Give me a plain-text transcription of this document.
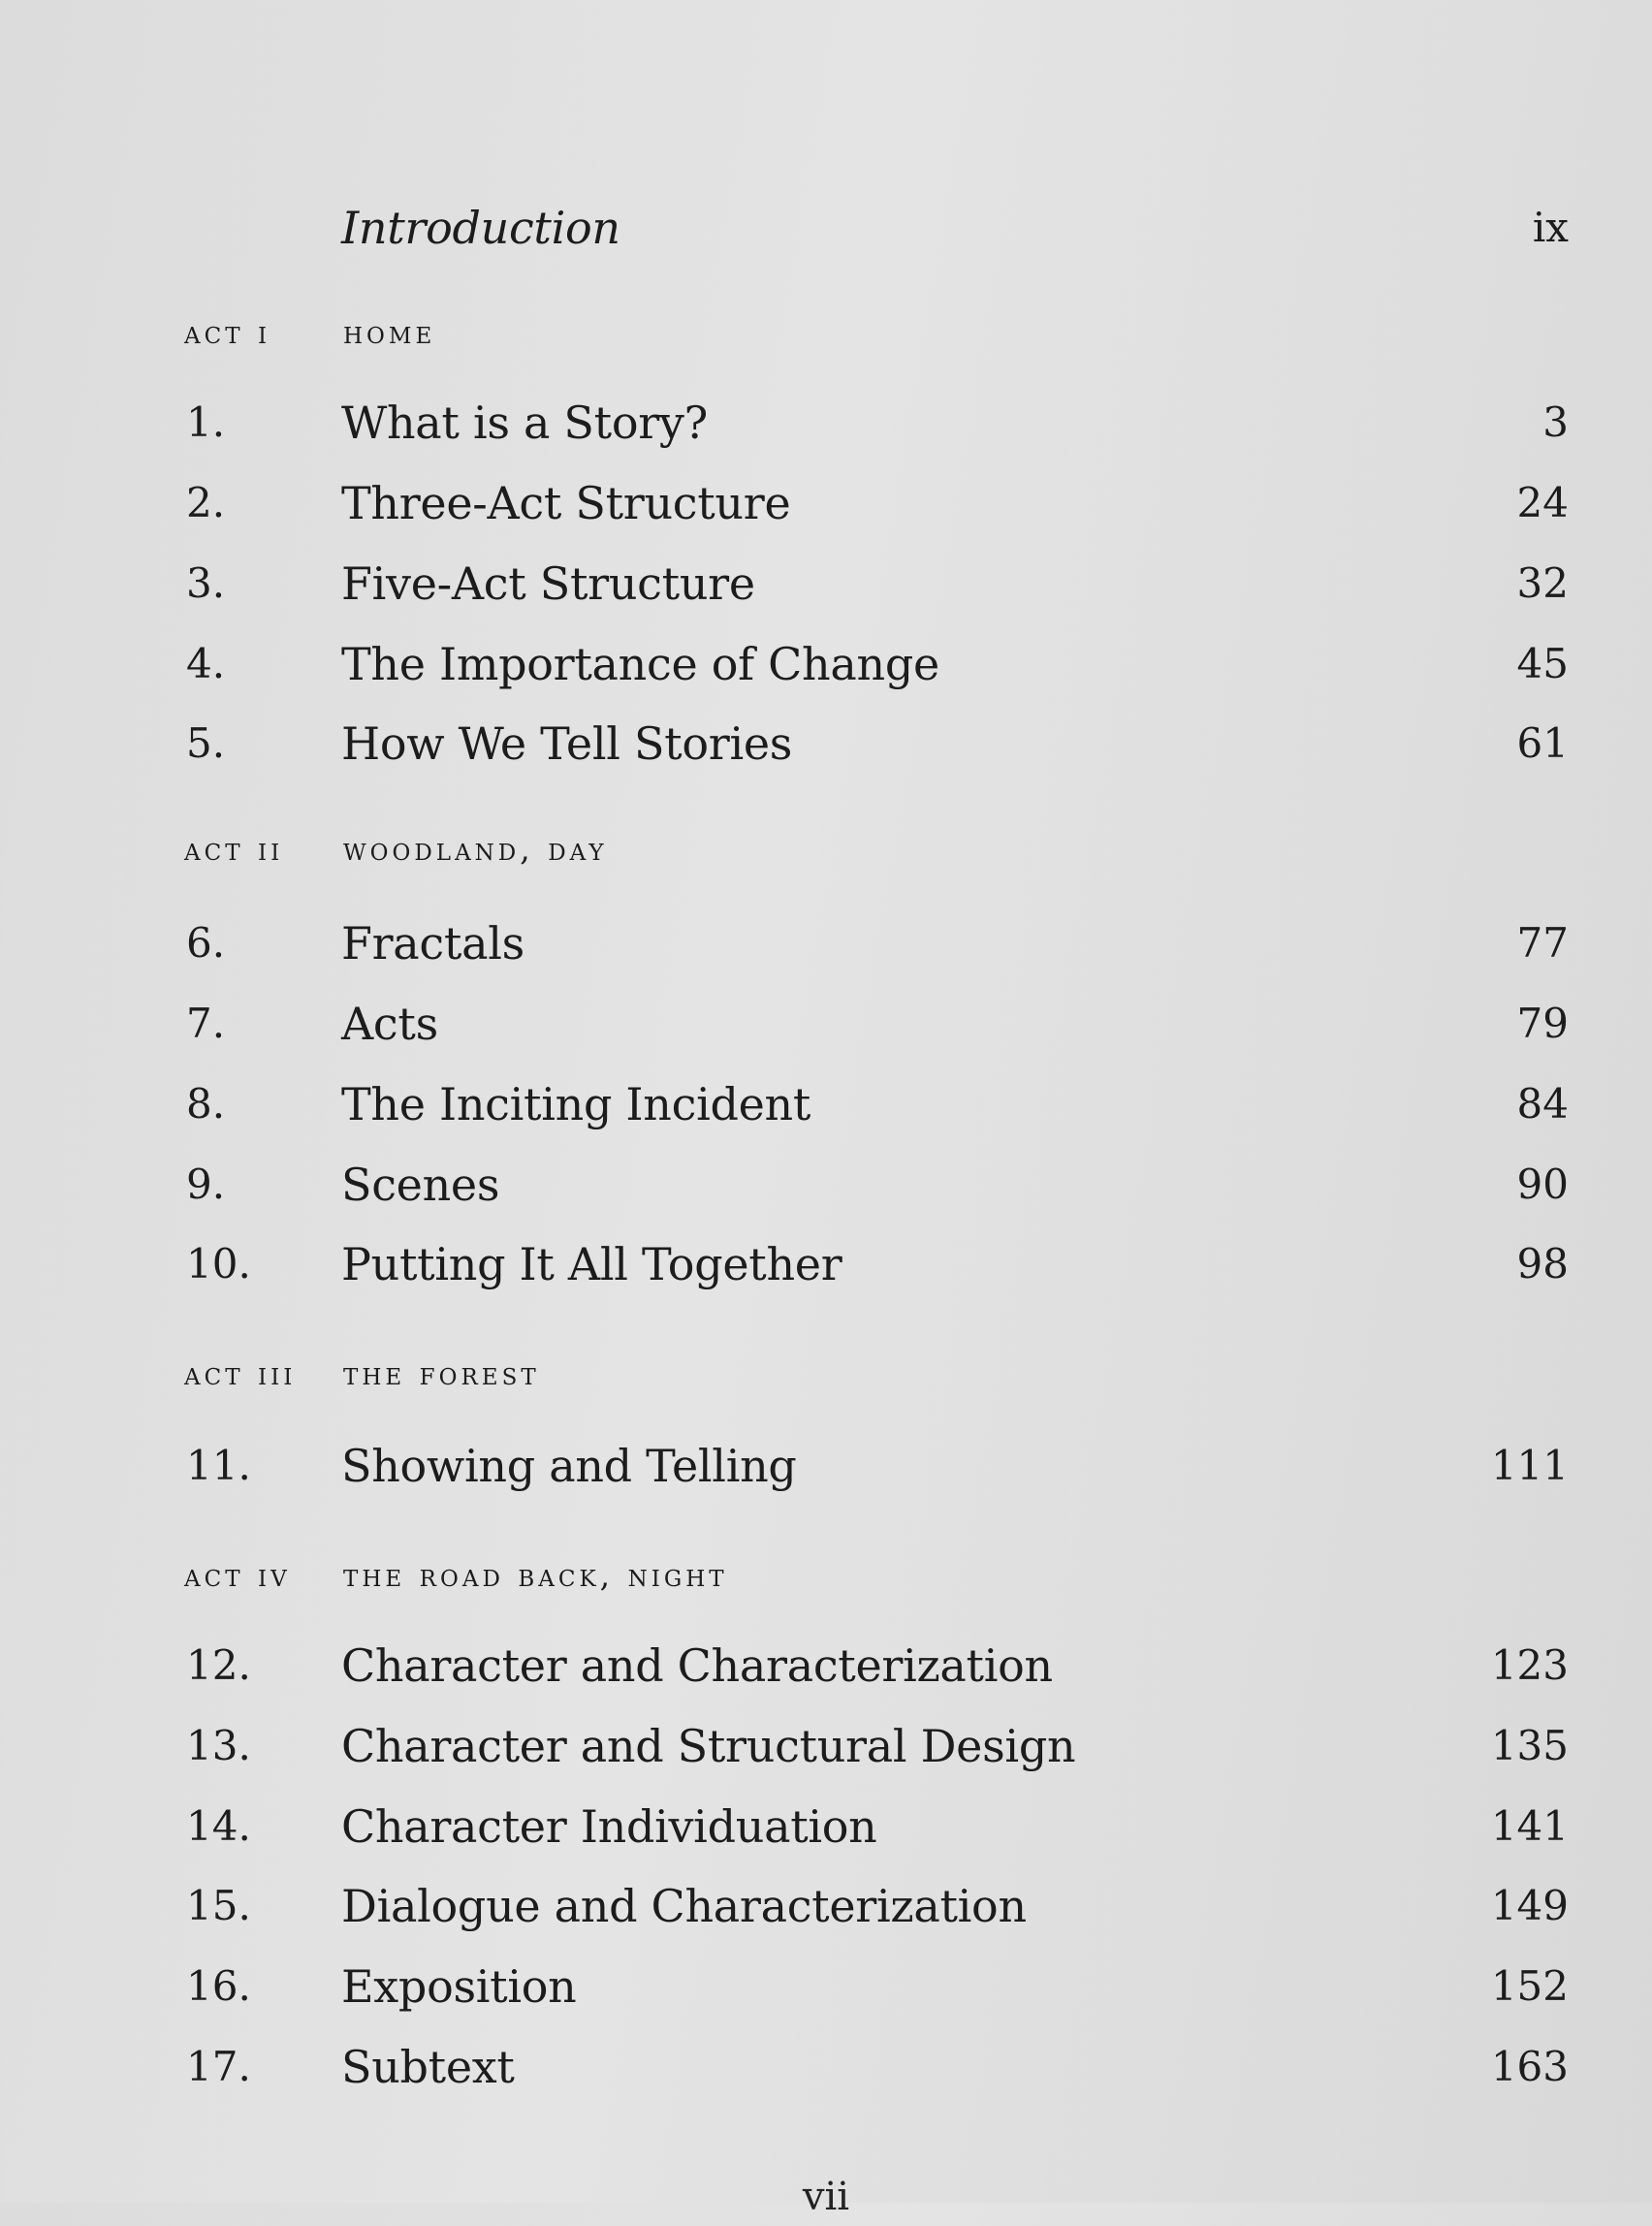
Introduction	ix
act i home
1.	What is a Story?	3
2.	Three-Act Structure	24
3.	Five-Act Structure	32
4.	The Importance of Change	45
5.	How We Tell Stories	61
act ii woodland, day
6.	Fractals	77
7.	Acts	79
8.	The Inciting Incident	84
9.	Scenes	90
10. Putting It All Together	98
act iii the forest
11. Showing and Telling	111
act iv the road back, night
12. Character and Characterization	123
13. Character and Structural Design	135
14. Character Individuation	141
15. Dialogue and Characterization	149
16. Exposition	152
17. Subtext	163
vii
